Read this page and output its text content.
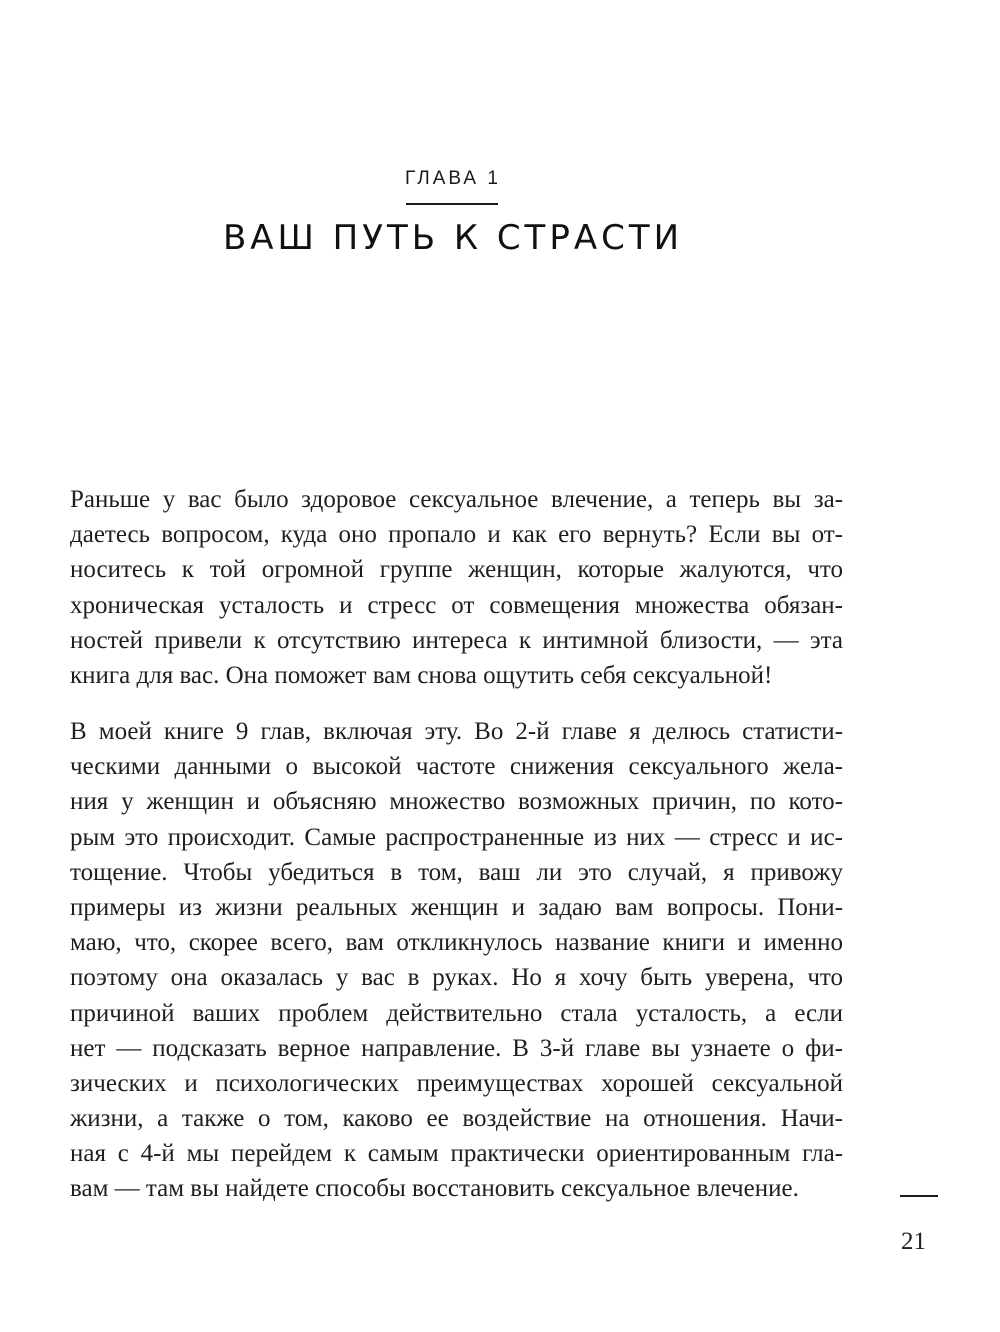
ГЛАВА 1
ВАШ ПУТЬ К СТРАСТИ
Раньше у вас было здоровое сексуальное влечение, а теперь вы за-
даетесь вопросом, куда оно пропало и как его вернуть? Если вы от-
носитесь к той огромной группе женщин, которые жалуются, что
хроническая усталость и стресс от совмещения множества обязан-
ностей привели к отсутствию интереса к интимной близости, — эта
книга для вас. Она поможет вам снова ощутить себя сексуальной!
В моей книге 9 глав, включая эту. Во 2-й главе я делюсь статисти-
ческими данными о высокой частоте снижения сексуального жела-
ния у женщин и объясняю множество возможных причин, по кото-
рым это происходит. Самые распространенные из них — стресс и ис-
тощение. Чтобы убедиться в том, ваш ли это случай, я привожу
примеры из жизни реальных женщин и задаю вам вопросы. Пони-
маю, что, скорее всего, вам откликнулось название книги и именно
поэтому она оказалась у вас в руках. Но я хочу быть уверена, что
причиной ваших проблем действительно стала усталость, а если
нет — подсказать верное направление. В 3-й главе вы узнаете о фи-
зических и психологических преимуществах хорошей сексуальной
жизни, а также о том, каково ее воздействие на отношения. Начи-
ная с 4-й мы перейдем к самым практически ориентированным гла-
вам — там вы найдете способы восстановить сексуальное влечение.
21
